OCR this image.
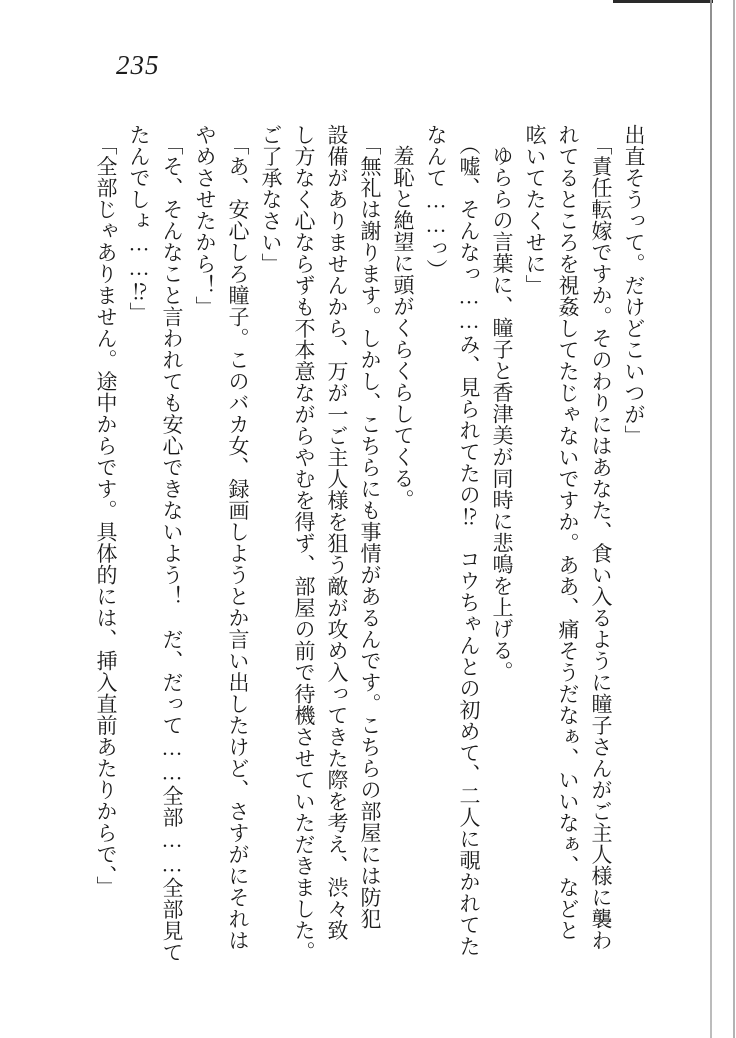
235
出直そうって。だけどこいつが」
「責任転嫁ですか。そのわりにはあなた、食い入るように瞳子さんがご主人様に襲わ
れてるところを視姦してたじゃないですか。ああ、痛そうだなぁ、いいなぁ、などと
呟いてたくせに」
ゆららの言葉に、瞳子と香津美が同時に悲鳴を上げる。
（嘘、そんなっ……み、見られてたの⁉　コウちゃんとの初めて、二人に覗かれてた
なんて……っ）
羞恥と絶望に頭がくらくらしてくる。
「無礼は謝ります。しかし、こちらにも事情があるんです。こちらの部屋には防犯
設備がありませんから、万が一ご主人様を狙う敵が攻め入ってきた際を考え、渋々致
し方なく心ならずも不本意ながらやむを得ず、部屋の前で待機させていただきました。
ご了承なさい」
「あ、安心しろ瞳子。このバカ女、録画しようとか言い出したけど、さすがにそれは
やめさせたから！」
「そ、そんなこと言われても安心できないよう！　だ、だって……全部……全部見て
たんでしょ……⁉」
「全部じゃありません。途中からです。具体的には、挿入直前あたりからで、」
